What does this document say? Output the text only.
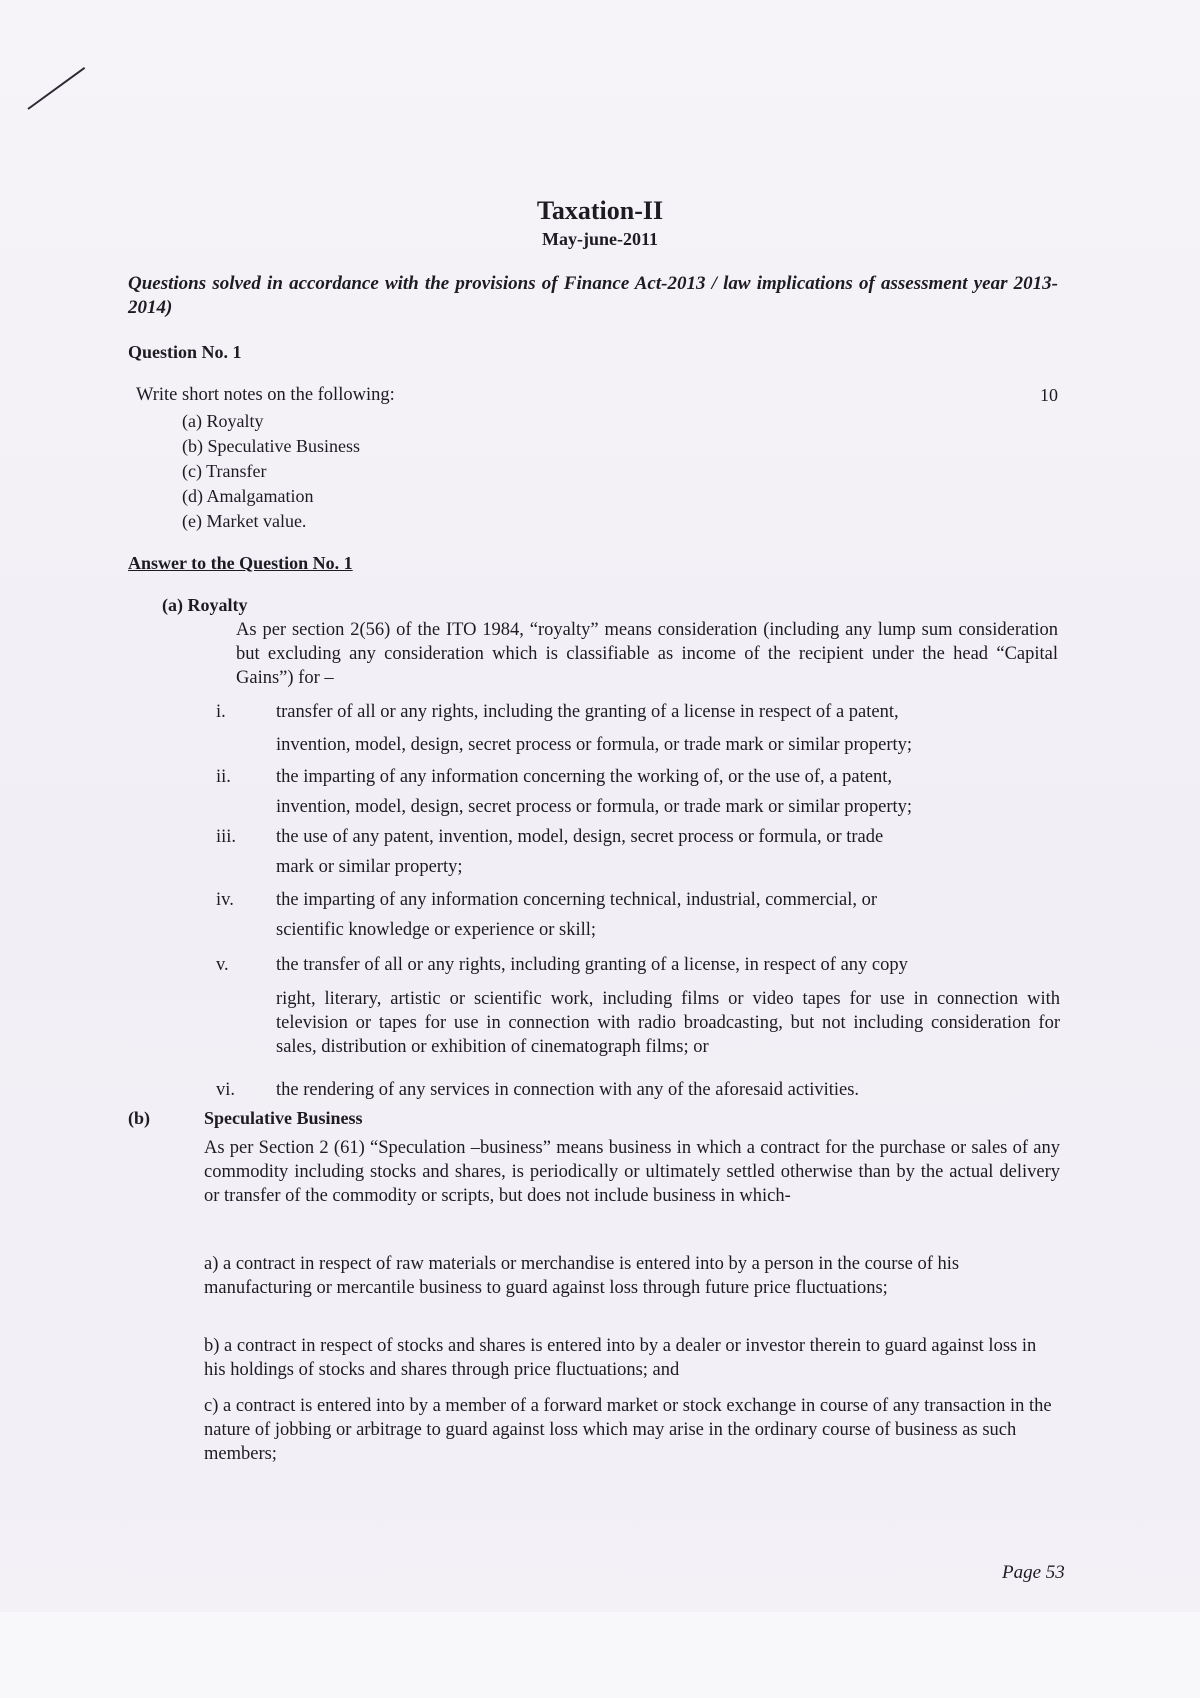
Taxation-II
May-june-2011
Questions solved in accordance with the provisions of Finance Act-2013 / law implications of assessment year 2013-2014)
Question No. 1
Write short notes on the following:	10
(a) Royalty
(b) Speculative Business
(c) Transfer
(d) Amalgamation
(e) Market value.
Answer to the Question No. 1
(a) Royalty
As per section 2(56) of the ITO 1984, “royalty” means consideration (including any lump sum consideration but excluding any consideration which is classifiable as income of the recipient under the head “Capital Gains”) for –
i.	transfer of all or any rights, including the granting of a license in respect of a patent,
invention, model, design, secret process or formula, or trade mark or similar property;
ii. the imparting of any information concerning the working of, or the use of, a patent,
invention, model, design, secret process or formula, or trade mark or similar property;
iii. the use of any patent, invention, model, design, secret process or formula, or trade
mark or similar property;
iv. the imparting of any information concerning technical, industrial, commercial, or
scientific knowledge or experience or skill;
v.	the transfer of all or any rights, including granting of a license, in respect of any copy
right, literary, artistic or scientific work, including films or video tapes for use in connection with television or tapes for use in connection with radio broadcasting, but not including consideration for sales, distribution or exhibition of cinematograph films; or
vi. the rendering of any services in connection with any of the aforesaid activities.
(b)	Speculative Business
As per Section 2 (61) “Speculation –business” means business in which a contract for the purchase or sales of any commodity including stocks and shares, is periodically or ultimately settled otherwise than by the actual delivery or transfer of the commodity or scripts, but does not include business in which-
a) a contract in respect of raw materials or merchandise is entered into by a person in the course of his manufacturing or mercantile business to guard against loss through future price fluctuations;
b) a contract in respect of stocks and shares is entered into by a dealer or investor therein to guard against loss in his holdings of stocks and shares through price fluctuations; and
c) a contract is entered into by a member of a forward market or stock exchange in course of any transaction in the nature of jobbing or arbitrage to guard against loss which may arise in the ordinary course of business as such members;
Page 53
